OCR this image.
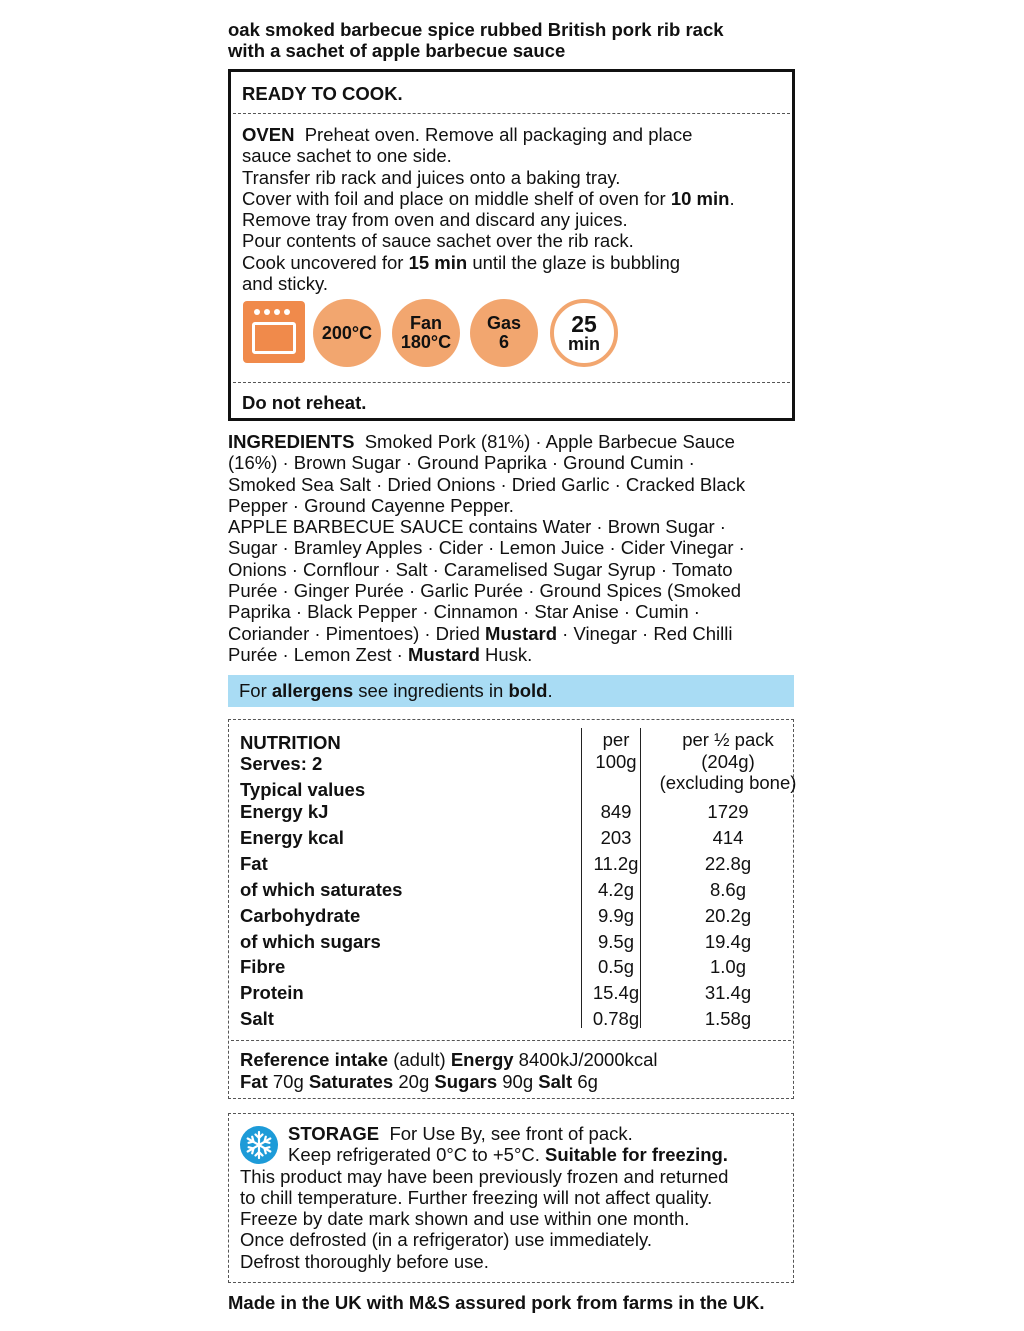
oak smoked barbecue spice rubbed British pork rib rack
with a sachet of apple barbecue sauce
READY TO COOK.
OVEN Preheat oven. Remove all packaging and place
sauce sachet to one side.
Transfer rib rack and juices onto a baking tray.
Cover with foil and place on middle shelf of oven for 10 min.
Remove tray from oven and discard any juices.
Pour contents of sauce sachet over the rib rack.
Cook uncovered for 15 min until the glaze is bubbling
and sticky.
200°C Fan
180°C
Gas
6
25
min
Do not reheat.
INGREDIENTS Smoked Pork (81%) · Apple Barbecue Sauce
(16%) · Brown Sugar · Ground Paprika · Ground Cumin ·
Smoked Sea Salt · Dried Onions · Dried Garlic · Cracked Black
Pepper · Ground Cayenne Pepper.
APPLE BARBECUE SAUCE contains Water · Brown Sugar ·
Sugar · Bramley Apples · Cider · Lemon Juice · Cider Vinegar ·
Onions · Cornflour · Salt · Caramelised Sugar Syrup · Tomato
Purée · Ginger Purée · Garlic Purée · Ground Spices (Smoked
Paprika · Black Pepper · Cinnamon · Star Anise · Cumin ·
Coriander · Pimentoes) · Dried Mustard · Vinegar · Red Chilli
Purée · Lemon Zest · Mustard Husk.
For allergens see ingredients in bold.
NUTRITION
Serves: 2
Typical values
per
100g
per ½ pack
(204g)
(excluding bone)
Energy kJ	849	1729
Energy kcal	203	414
Fat	11.2g	22.8g
of which saturates	4.2g	8.6g
Carbohydrate	9.9g	20.2g
of which sugars	9.5g	19.4g
Fibre	0.5g	1.0g
Protein	15.4g	31.4g
Salt	0.78g	1.58g
Reference intake (adult) Energy 8400kJ/2000kcal
Fat 70g Saturates 20g Sugars 90g Salt 6g
STORAGE For Use By, see front of pack.
Keep refrigerated 0°C to +5°C. Suitable for freezing.
This product may have been previously frozen and returned
to chill temperature. Further freezing will not affect quality.
Freeze by date mark shown and use within one month.
Once defrosted (in a refrigerator) use immediately.
Defrost thoroughly before use.
Made in the UK with M&S assured pork from farms in the UK.
